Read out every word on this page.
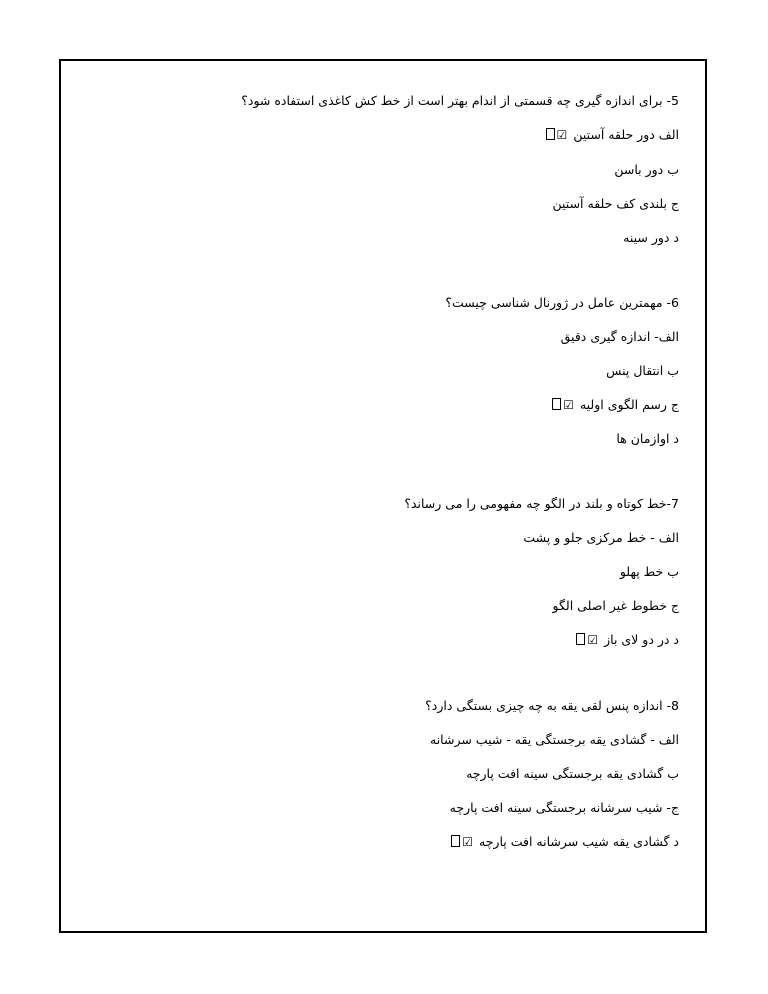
5- برای اندازه گیری چه قسمتی از اندام بهتر است از خط کش کاغذی استفاده شود؟
الف دور حلقه آستین☑
ب دور باسن
ج بلندی کف حلقه آستین
د دور سینه
6- مهمترین عامل در ژورنال شناسی چیست؟
الف- اندازه گیری دقیق
ب انتقال پنس
ج رسم الگوی اولیه☑
د اوازمان ها
7-خط کوتاه و بلند در الگو چه مفهومی را می رساند؟
الف - خط مرکزی جلو و پشت
ب خط پهلو
ج خطوط غیر اصلی الگو
د در دو لای باز☑
8- اندازه پنس لقی یقه به چه چیزی بستگی دارد؟
الف - گشادی یقه برجستگی یقه - شیب سرشانه
ب گشادی یقه برجستگی سینه افت پارچه
ج- شیب سرشانه برجستگی سینه افت پارچه
د گشادی یقه شیب سرشانه افت پارچه☑
